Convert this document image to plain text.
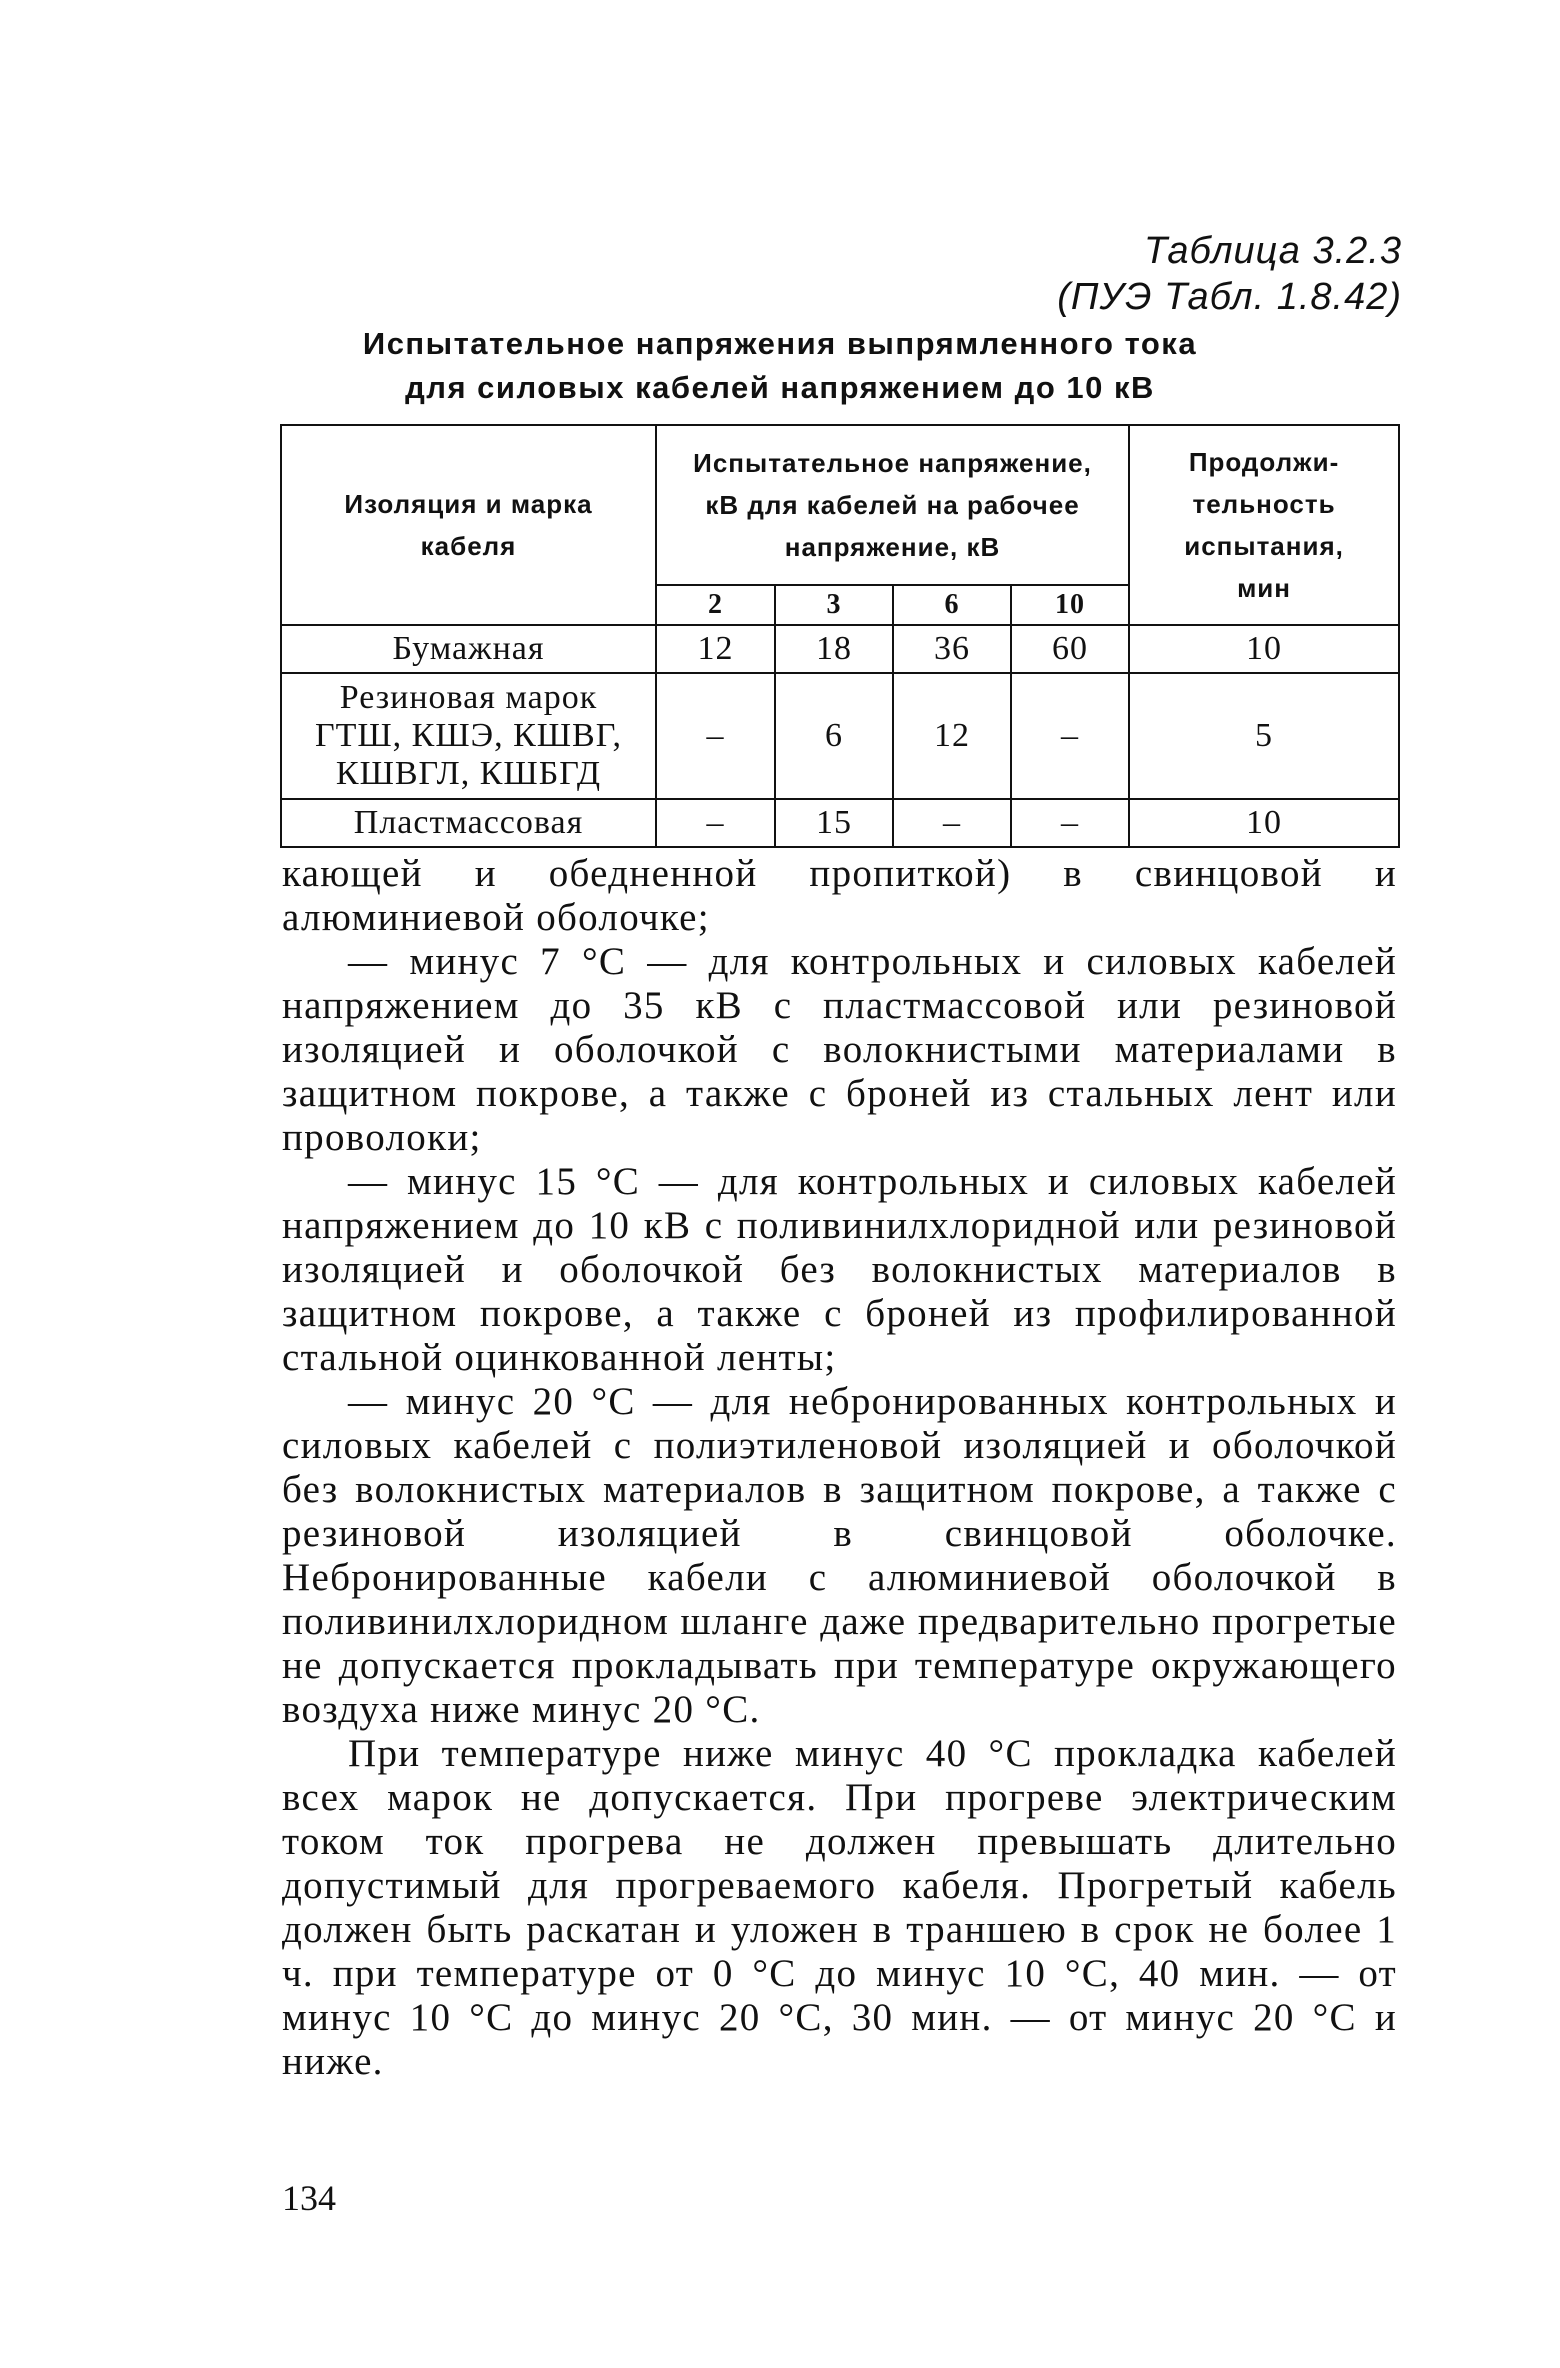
Таблица 3.2.3
(ПУЭ Табл. 1.8.42)
Испытательное напряжения выпрямленного тока
для силовых кабелей напряжением до 10 кВ
Изоляция и марка кабеля	Испытательное напряжение, кВ для кабелей на рабочее напряжение, кВ				Продолжи-тельность испытания, мин
	2	3	6	10	
Бумажная	12	18	36	60	10
Резиновая марок ГТШ, КШЭ, КШВГ, КШВГЛ, КШБГД	–	6	12	–	5
Пластмассовая	–	15	–	–	10

кающей и обедненной пропиткой) в свинцовой и алюминиевой оболочке;

— минус 7 °С — для контрольных и силовых кабелей напряжением до 35 кВ с пластмассовой или резиновой изоляцией и оболочкой с волокнистыми материалами в защитном покрове, а также с броней из стальных лент или проволоки;

— минус 15 °С — для контрольных и силовых кабелей напряжением до 10 кВ с поливинилхлоридной или резиновой изоляцией и оболочкой без волокнистых материалов в защитном покрове, а также с броней из профилированной стальной оцинкованной ленты;

— минус 20 °С — для небронированных контрольных и силовых кабелей с полиэтиленовой изоляцией и оболочкой без волокнистых материалов в защитном покрове, а также с резиновой изоляцией в свинцовой оболочке. Небронированные кабели с алюминиевой оболочкой в поливинилхлоридном шланге даже предварительно прогретые не допускается прокладывать при температуре окружающего воздуха ниже минус 20 °С.

При температуре ниже минус 40 °С прокладка кабелей всех марок не допускается. При прогреве электрическим током ток прогрева не должен превышать длительно допустимый для прогреваемого кабеля. Прогретый кабель должен быть раскатан и уложен в траншею в срок не более 1 ч. при температуре от 0 °С до минус 10 °С, 40 мин. — от минус 10 °С до минус 20 °С, 30 мин. — от минус 20 °С и ниже.

134
